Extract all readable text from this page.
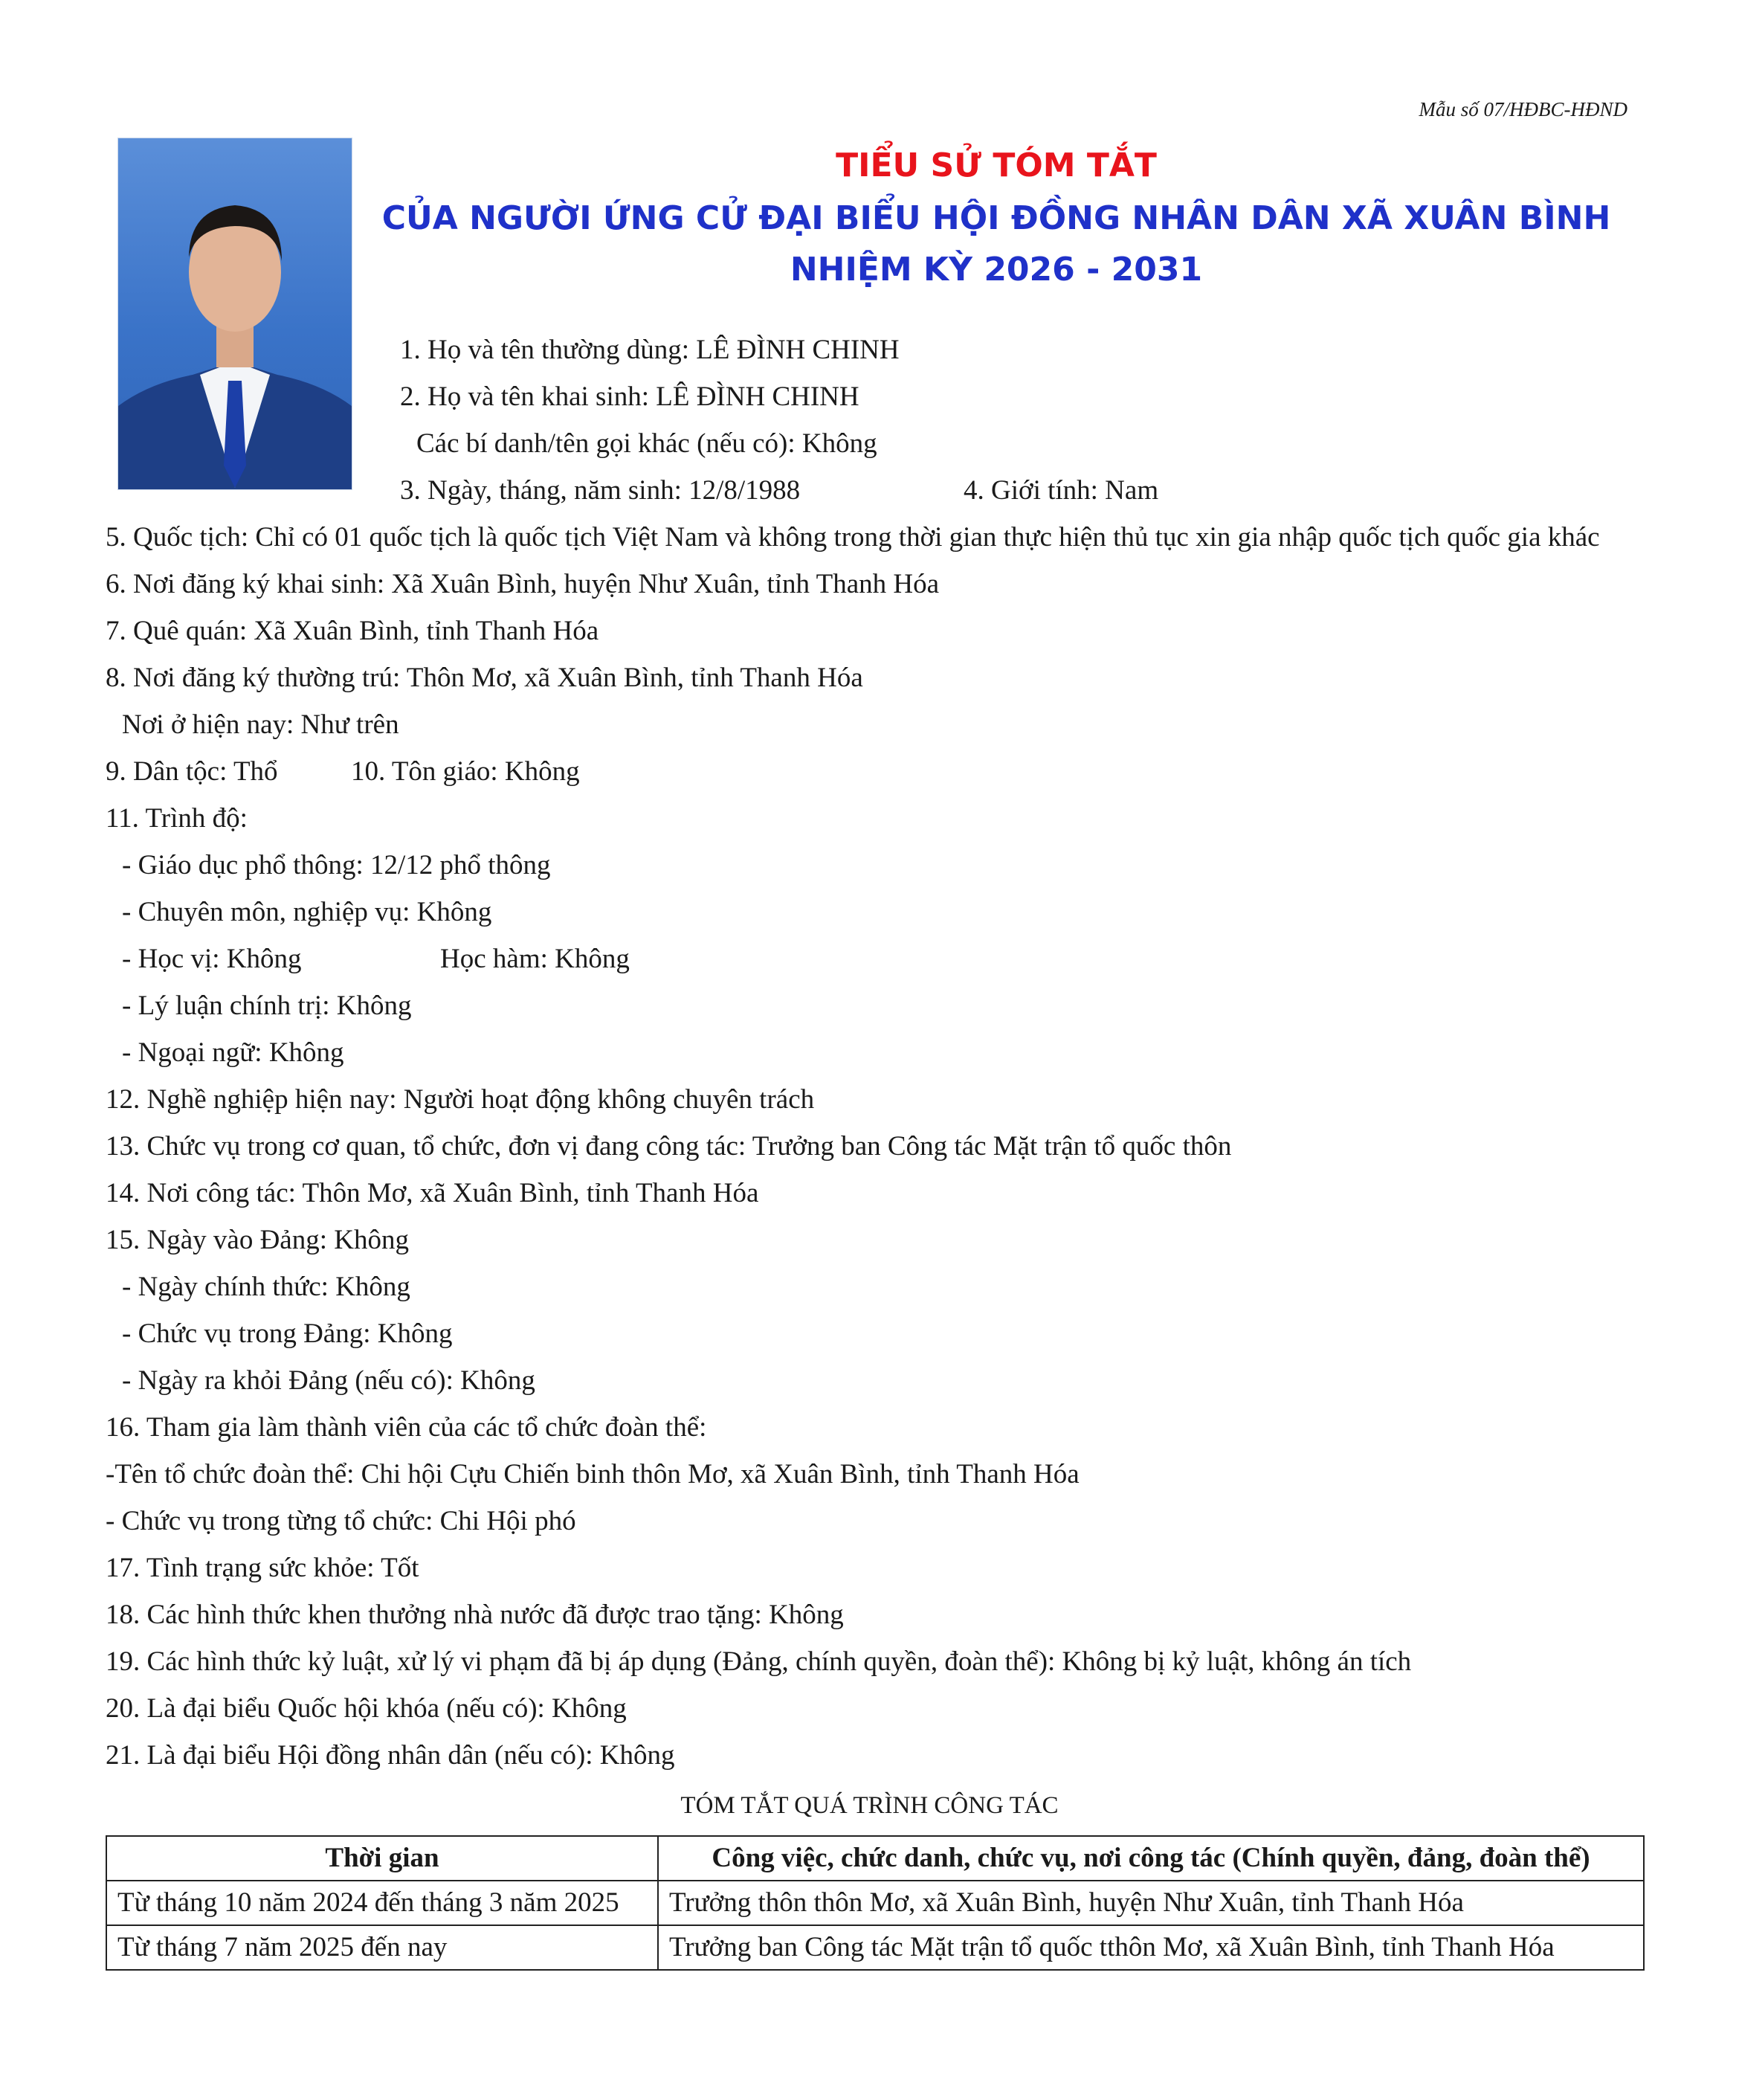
Mẫu số 07/HĐBC-HĐND
TIỂU SỬ TÓM TẮT
CỦA NGƯỜI ỨNG CỬ ĐẠI BIỂU HỘI ĐỒNG NHÂN DÂN XÃ XUÂN BÌNH
NHIỆM KỲ 2026 - 2031
1. Họ và tên thường dùng: LÊ ĐÌNH CHINH
2. Họ và tên khai sinh: LÊ ĐÌNH CHINH
Các bí danh/tên gọi khác (nếu có): Không
3. Ngày, tháng, năm sinh: 12/8/1988	4. Giới tính: Nam
5. Quốc tịch: Chỉ có 01 quốc tịch là quốc tịch Việt Nam và không trong thời gian thực hiện thủ tục xin gia nhập quốc tịch quốc gia khác
6. Nơi đăng ký khai sinh: Xã Xuân Bình, huyện Như Xuân, tỉnh Thanh Hóa
7. Quê quán: Xã Xuân Bình, tỉnh Thanh Hóa
8. Nơi đăng ký thường trú: Thôn Mơ, xã Xuân Bình, tỉnh Thanh Hóa
Nơi ở hiện nay: Như trên
9. Dân tộc: Thổ	10. Tôn giáo: Không
11. Trình độ:
- Giáo dục phổ thông: 12/12 phổ thông
- Chuyên môn, nghiệp vụ: Không
- Học vị: Không	Học hàm: Không
- Lý luận chính trị: Không
- Ngoại ngữ: Không
12. Nghề nghiệp hiện nay: Người hoạt động không chuyên trách
13. Chức vụ trong cơ quan, tổ chức, đơn vị đang công tác: Trưởng ban Công tác Mặt trận tổ quốc thôn
14. Nơi công tác: Thôn Mơ, xã Xuân Bình, tỉnh Thanh Hóa
15. Ngày vào Đảng: Không
- Ngày chính thức: Không
- Chức vụ trong Đảng: Không
- Ngày ra khỏi Đảng (nếu có): Không
16. Tham gia làm thành viên của các tổ chức đoàn thể:
-Tên tổ chức đoàn thể: Chi hội Cựu Chiến binh thôn Mơ, xã Xuân Bình, tỉnh Thanh Hóa
- Chức vụ trong từng tổ chức: Chi Hội phó
17. Tình trạng sức khỏe: Tốt
18. Các hình thức khen thưởng nhà nước đã được trao tặng: Không
19. Các hình thức kỷ luật, xử lý vi phạm đã bị áp dụng (Đảng, chính quyền, đoàn thể): Không bị kỷ luật, không án tích
20. Là đại biểu Quốc hội khóa (nếu có): Không
21. Là đại biểu Hội đồng nhân dân (nếu có): Không
TÓM TẮT QUÁ TRÌNH CÔNG TÁC
Thời gian	Công việc, chức danh, chức vụ, nơi công tác (Chính quyền, đảng, đoàn thể)
Từ tháng 10 năm 2024 đến tháng 3 năm 2025	Trưởng thôn thôn Mơ, xã Xuân Bình, huyện Như Xuân, tỉnh Thanh Hóa
Từ tháng 7 năm 2025 đến nay	Trưởng ban Công tác Mặt trận tổ quốc tthôn Mơ, xã Xuân Bình, tỉnh Thanh Hóa
